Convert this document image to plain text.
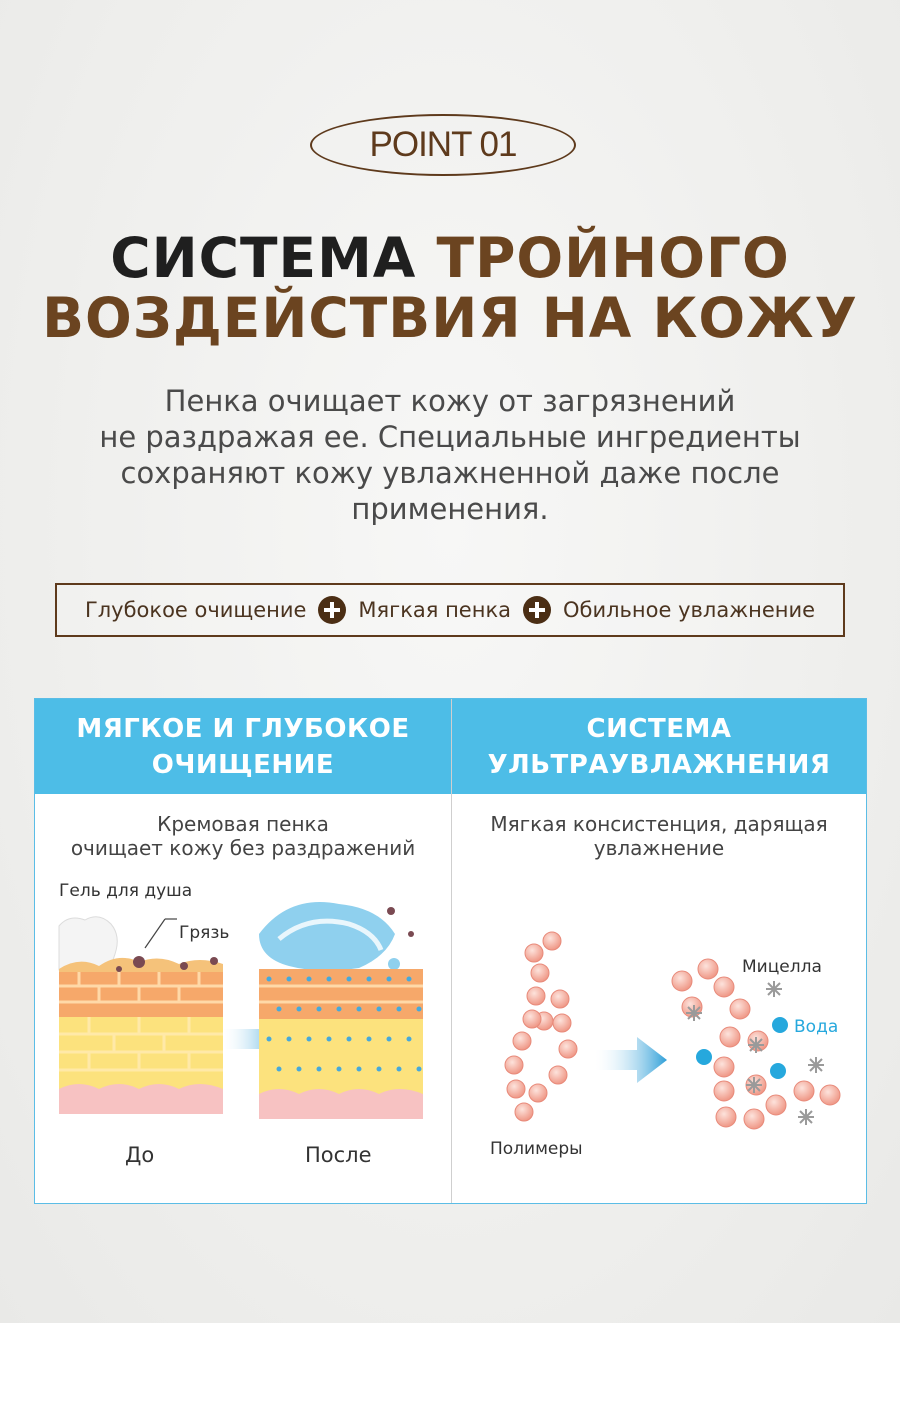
POINT 01
СИСТЕМА ТРОЙНОГО
ВОЗДЕЙСТВИЯ НА КОЖУ
Пенка очищает кожу от загрязнений
не раздражая ее. Специальные ингредиенты
сохраняют кожу увлажненной даже после
применения.
Глубокое очищение Мягкая пенка Обильное увлажнение
МЯГКОЕ И ГЛУБОКОЕ
ОЧИЩЕНИЕ
Кремовая пенка
очищает кожу без раздражений
Гель для душа
Грязь
До	После
СИСТЕМА
УЛЬТРАУВЛАЖНЕНИЯ
Мягкая консистенция, дарящая
увлажнение
Мицелла
Вода
Полимеры
